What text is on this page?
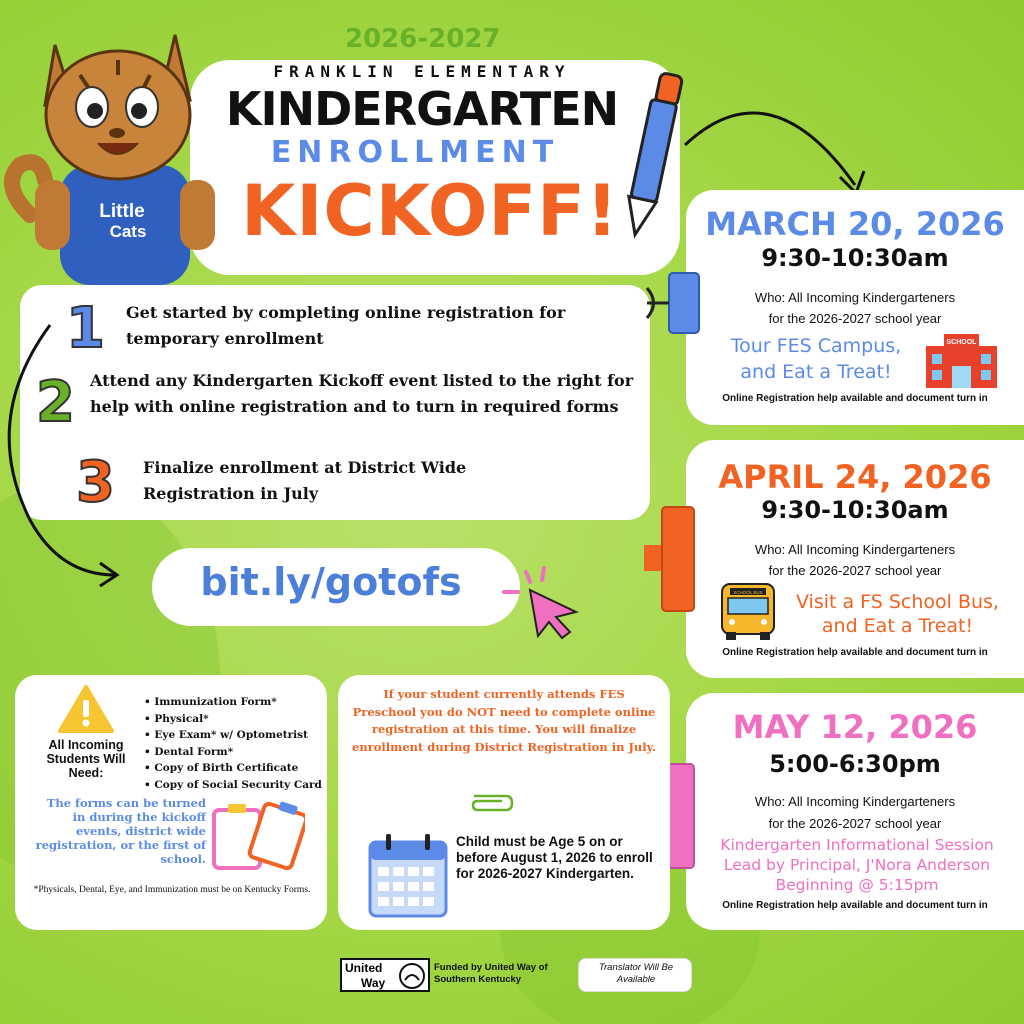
2026-2027
FRANKLIN ELEMENTARY
KINDERGARTEN
ENROLLMENT
KICKOFF!
Little
Cats
1 Get started by completing online registration for temporary enrollment
2 Attend any Kindergarten Kickoff event listed to the right for help with online registration and to turn in required forms
3 Finalize enrollment at District Wide Registration in July
bit.ly/gotofs
MARCH 20, 2026
9:30-10:30am
Who: All Incoming Kindergarteners
for the 2026-2027 school year
Tour FES Campus,
and Eat a Treat!
Online Registration help available and document turn in
SCHOOL
APRIL 24, 2026
9:30-10:30am
Who: All Incoming Kindergarteners
for the 2026-2027 school year
Visit a FS School Bus,
and Eat a Treat!
Online Registration help available and document turn in
SCHOOL BUS
MAY 12, 2026
5:00-6:30pm
Who: All Incoming Kindergarteners
for the 2026-2027 school year
Kindergarten Informational Session
Lead by Principal, J'Nora Anderson
Beginning @ 5:15pm
Online Registration help available and document turn in
All Incoming Students Will Need:
• Immunization Form*
• Physical*
• Eye Exam* w/ Optometrist
• Dental Form*
• Copy of Birth Certificate
• Copy of Social Security Card
The forms can be turned in during the kickoff events, district wide registration, or the first of school.
*Physicals, Dental, Eye, and Immunization must be on Kentucky Forms.
If your student currently attends FES Preschool you do NOT need to complete online registration at this time. You will finalize enrollment during District Registration in July.
Child must be Age 5 on or before August 1, 2026 to enroll for 2026-2027 Kindergarten.
United
Way
Funded by United Way of Southern Kentucky
Translator Will Be Available
